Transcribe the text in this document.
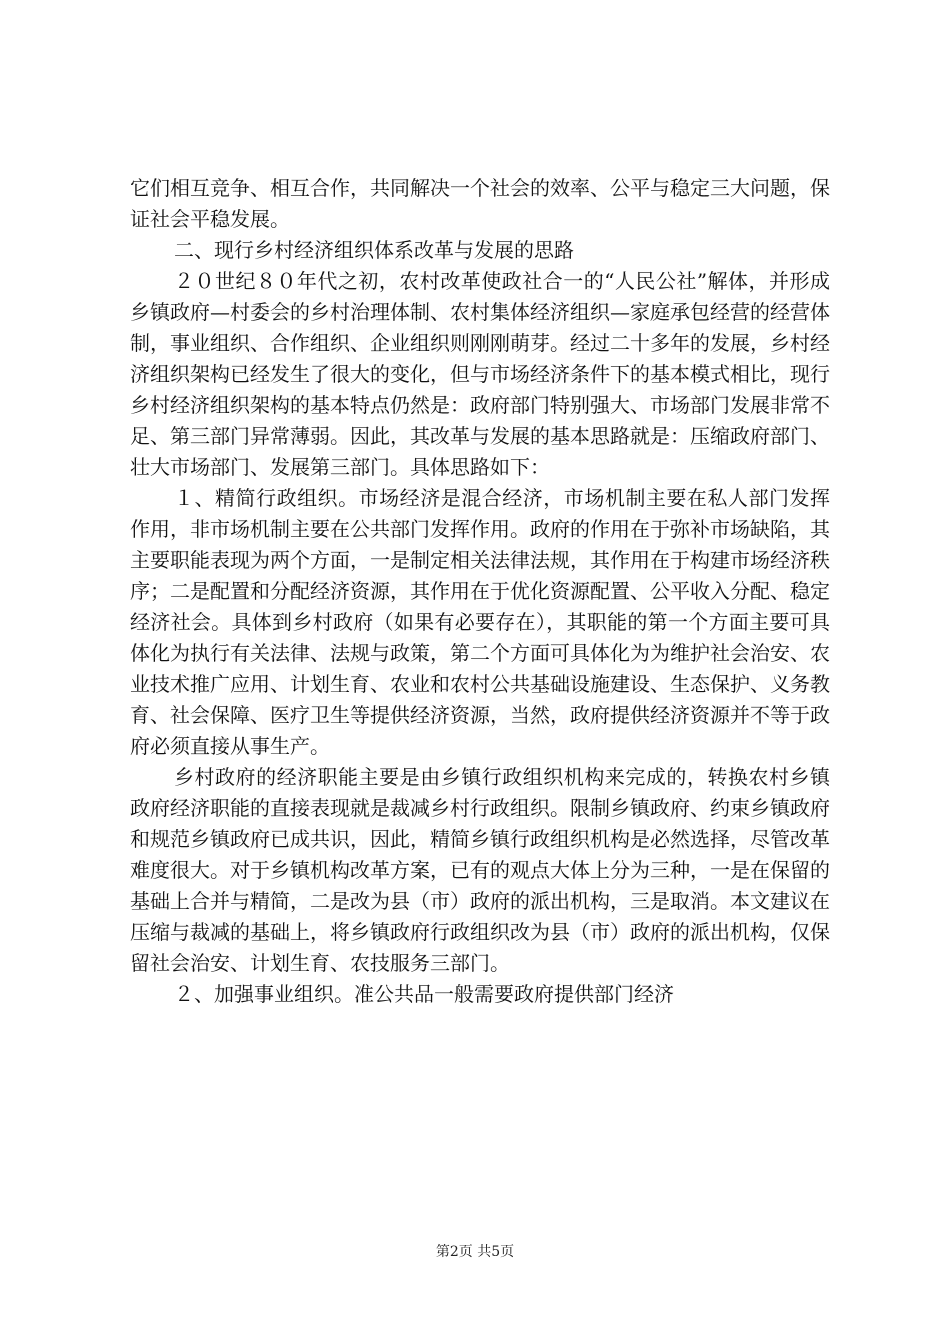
它们相互竞争、相互合作，共同解决一个社会的效率、公平与稳定三大问题，保证社会平稳发展。

二、现行乡村经济组织体系改革与发展的思路

２０世纪８０年代之初，农村改革使政社合一的“人民公社”解体，并形成乡镇政府—村委会的乡村治理体制、农村集体经济组织—家庭承包经营的经营体制，事业组织、合作组织、企业组织则刚刚萌芽。经过二十多年的发展，乡村经济组织架构已经发生了很大的变化，但与市场经济条件下的基本模式相比，现行乡村经济组织架构的基本特点仍然是：政府部门特别强大、市场部门发展非常不足、第三部门异常薄弱。因此，其改革与发展的基本思路就是：压缩政府部门、壮大市场部门、发展第三部门。具体思路如下：

１、精简行政组织。市场经济是混合经济，市场机制主要在私人部门发挥作用，非市场机制主要在公共部门发挥作用。政府的作用在于弥补市场缺陷，其主要职能表现为两个方面，一是制定相关法律法规，其作用在于构建市场经济秩序；二是配置和分配经济资源，其作用在于优化资源配置、公平收入分配、稳定经济社会。具体到乡村政府（如果有必要存在），其职能的第一个方面主要可具体化为执行有关法律、法规与政策，第二个方面可具体化为为维护社会治安、农业技术推广应用、计划生育、农业和农村公共基础设施建设、生态保护、义务教育、社会保障、医疗卫生等提供经济资源，当然，政府提供经济资源并不等于政府必须直接从事生产。

乡村政府的经济职能主要是由乡镇行政组织机构来完成的，转换农村乡镇政府经济职能的直接表现就是裁减乡村行政组织。限制乡镇政府、约束乡镇政府和规范乡镇政府已成共识，因此，精简乡镇行政组织机构是必然选择，尽管改革难度很大。对于乡镇机构改革方案，已有的观点大体上分为三种，一是在保留的基础上合并与精简，二是改为县（市）政府的派出机构，三是取消。本文建议在压缩与裁减的基础上，将乡镇政府行政组织改为县（市）政府的派出机构，仅保留社会治安、计划生育、农技服务三部门。

２、加强事业组织。准公共品一般需要政府提供部门经济

第2页 共5页
